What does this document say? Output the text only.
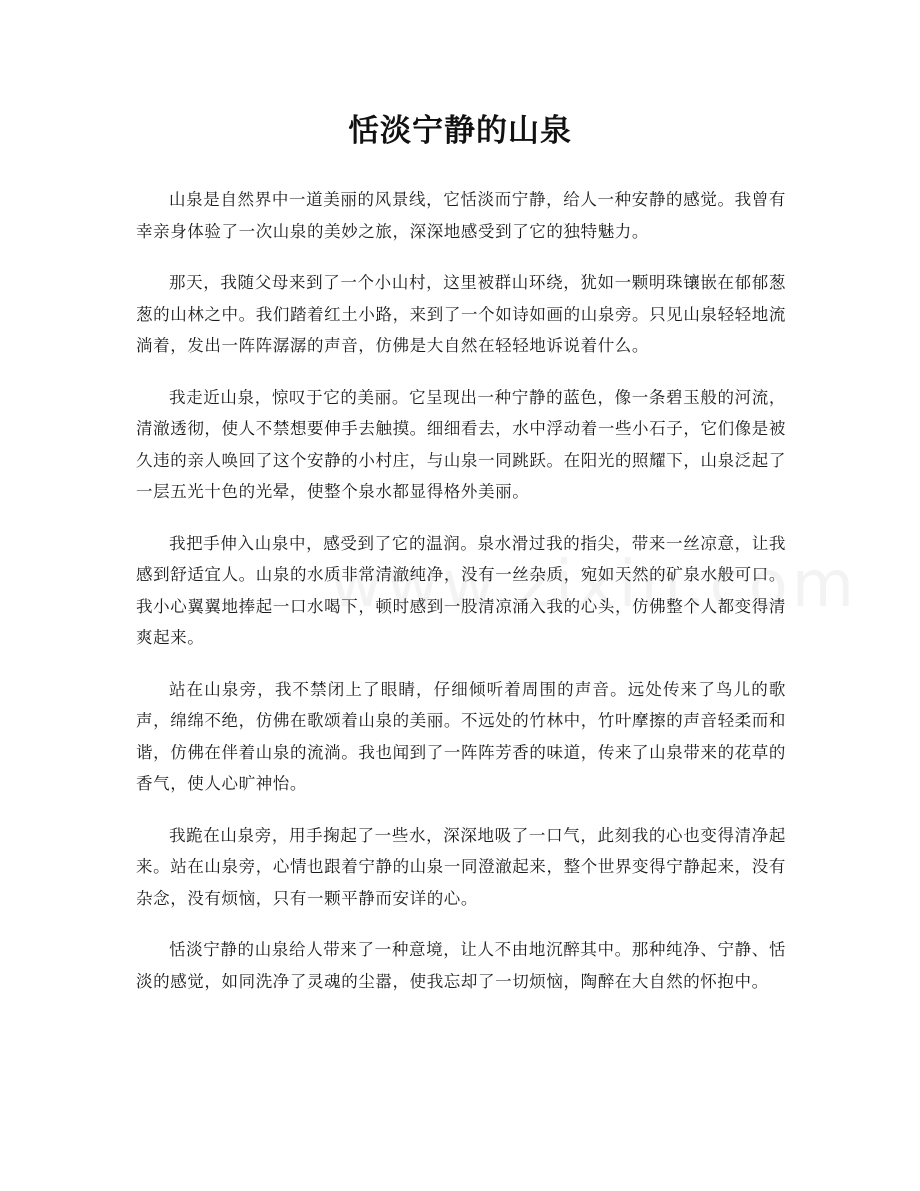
恬淡宁静的山泉

山泉是自然界中一道美丽的风景线，它恬淡而宁静，给人一种安静的感觉。我曾有幸亲身体验了一次山泉的美妙之旅，深深地感受到了它的独特魅力。

那天，我随父母来到了一个小山村，这里被群山环绕，犹如一颗明珠镶嵌在郁郁葱葱的山林之中。我们踏着红土小路，来到了一个如诗如画的山泉旁。只见山泉轻轻地流淌着，发出一阵阵潺潺的声音，仿佛是大自然在轻轻地诉说着什么。

我走近山泉，惊叹于它的美丽。它呈现出一种宁静的蓝色，像一条碧玉般的河流，清澈透彻，使人不禁想要伸手去触摸。细细看去，水中浮动着一些小石子，它们像是被久违的亲人唤回了这个安静的小村庄，与山泉一同跳跃。在阳光的照耀下，山泉泛起了一层五光十色的光晕，使整个泉水都显得格外美丽。

我把手伸入山泉中，感受到了它的温润。泉水滑过我的指尖，带来一丝凉意，让我感到舒适宜人。山泉的水质非常清澈纯净，没有一丝杂质，宛如天然的矿泉水般可口。我小心翼翼地捧起一口水喝下，顿时感到一股清凉涌入我的心头，仿佛整个人都变得清爽起来。

站在山泉旁，我不禁闭上了眼睛，仔细倾听着周围的声音。远处传来了鸟儿的歌声，绵绵不绝，仿佛在歌颂着山泉的美丽。不远处的竹林中，竹叶摩擦的声音轻柔而和谐，仿佛在伴着山泉的流淌。我也闻到了一阵阵芳香的味道，传来了山泉带来的花草的香气，使人心旷神怡。

我跪在山泉旁，用手掬起了一些水，深深地吸了一口气，此刻我的心也变得清净起来。站在山泉旁，心情也跟着宁静的山泉一同澄澈起来，整个世界变得宁静起来，没有杂念，没有烦恼，只有一颗平静而安详的心。

恬淡宁静的山泉给人带来了一种意境，让人不由地沉醉其中。那种纯净、宁静、恬淡的感觉，如同洗净了灵魂的尘嚣，使我忘却了一切烦恼，陶醉在大自然的怀抱中。
